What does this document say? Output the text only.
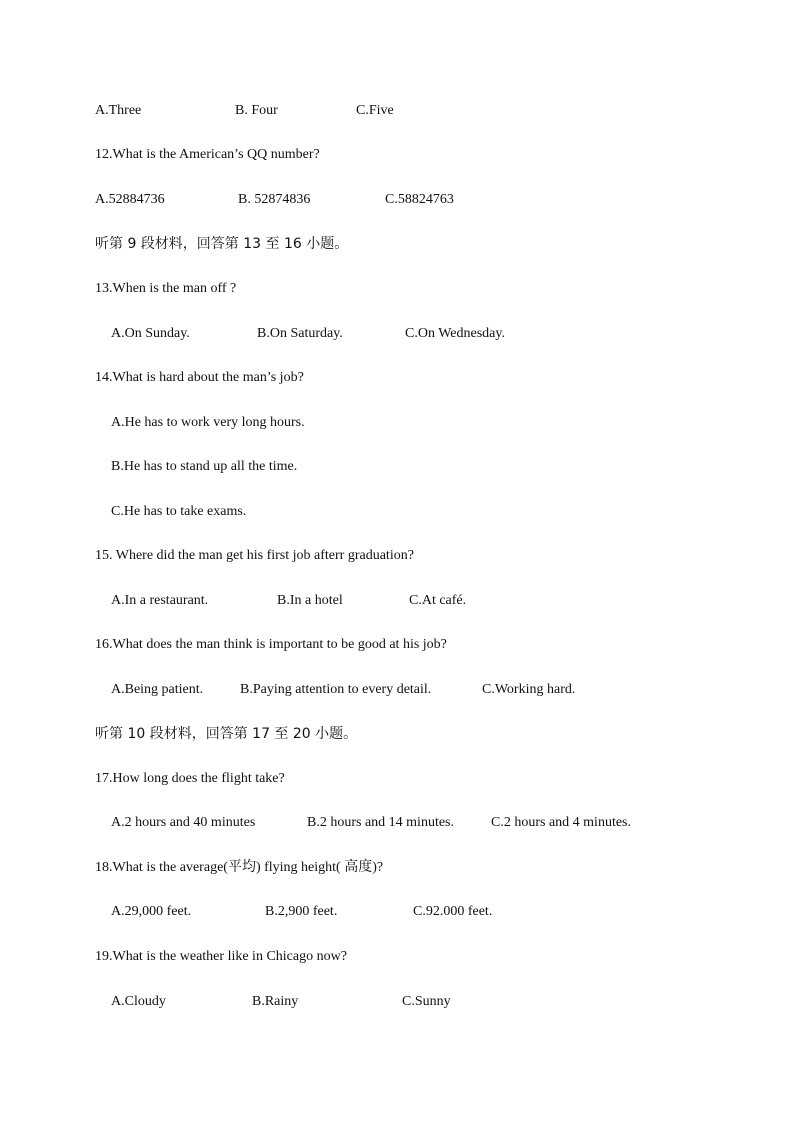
A.Three	B. Four	C.Five
12.What is the American’s QQ number?
A.52884736	B. 52874836	C.58824763
听第 9 段材料，回答第 13 至 16 小题。
13.When is the man off ?
A.On Sunday.	B.On Saturday.	C.On Wednesday.
14.What is hard about the man’s job?
A.He has to work very long hours.
B.He has to stand up all the time.
C.He has to take exams.
15. Where did the man get his first job afterr graduation?
A.In a restaurant.	B.In a hotel	C.At café.
16.What does the man think is important to be good at his job?
A.Being patient.	B.Paying attention to every detail.	C.Working hard.
听第 10 段材料，回答第 17 至 20 小题。
17.How long does the flight take?
A.2 hours and 40 minutes	B.2 hours and 14 minutes.	C.2 hours and 4 minutes.
18.What is the average(平均) flying height( 高度)?
A.29,000 feet.	B.2,900 feet.	C.92.000 feet.
19.What is the weather like in Chicago now?
A.Cloudy	B.Rainy	C.Sunny
